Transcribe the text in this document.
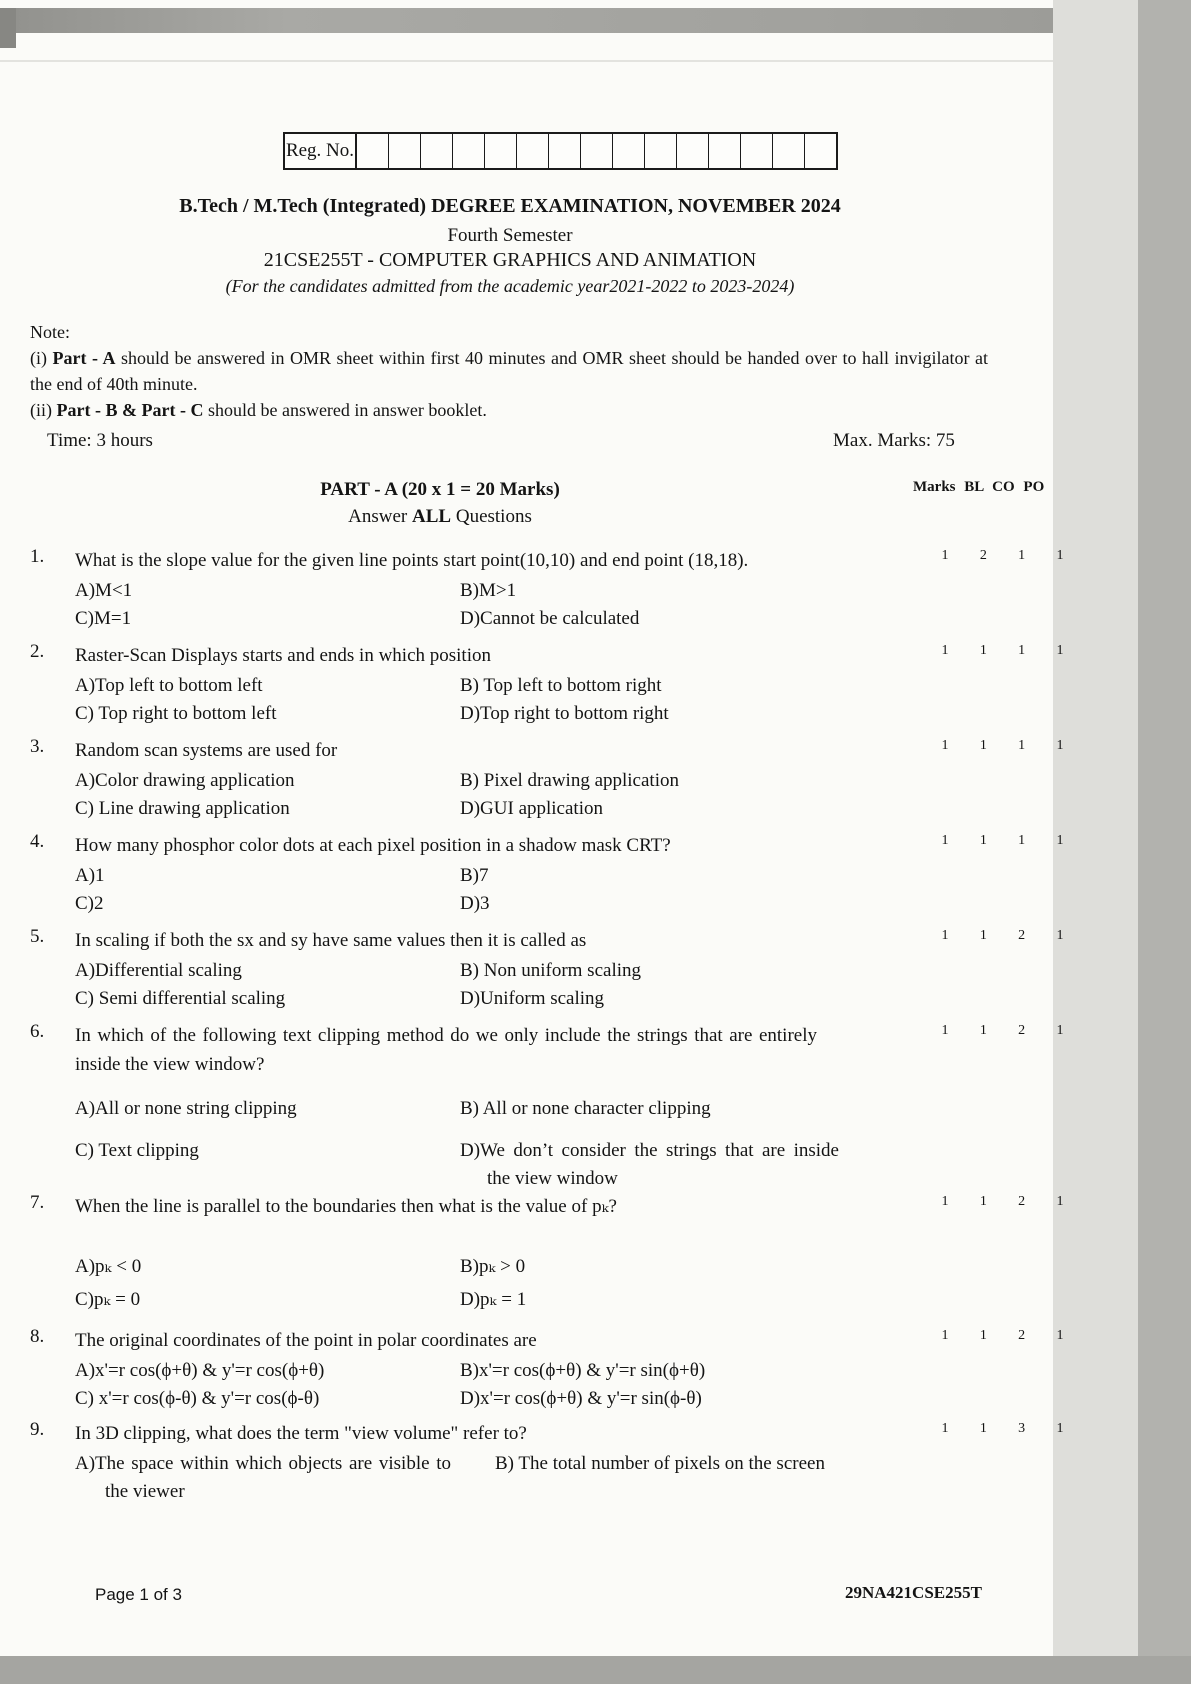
Reg. No.
B.Tech / M.Tech (Integrated) DEGREE EXAMINATION, NOVEMBER 2024
Fourth Semester
21CSE255T - COMPUTER GRAPHICS AND ANIMATION
(For the candidates admitted from the academic year2021-2022 to 2023-2024)

Note:

(i) Part - A should be answered in OMR sheet within first 40 minutes and OMR sheet should be handed over to hall invigilator at the end of 40th minute.

(ii) Part - B & Part - C should be answered in answer booklet.

Time: 3 hours	Max. Marks: 75
PART - A (20 x 1 = 20 Marks)
Answer ALL Questions
Marks BL CO PO
1.	What is the slope value for the given line points start point(10,10) and end point (18,18).
A)M<1	B)M>1
C)M=1	D)Cannot be calculated
1	2	1	1
2.	Raster-Scan Displays starts and ends in which position
A)Top left to bottom left	B) Top left to bottom right
C) Top right to bottom left	D)Top right to bottom right
1	1	1	1
3.	Random scan systems are used for
A)Color drawing application	B) Pixel drawing application
C) Line drawing application	D)GUI application
1	1	1	1
4.	How many phosphor color dots at each pixel position in a shadow mask CRT?
A)1	B)7
C)2	D)3
1	1	1	1
5.	In scaling if both the sx and sy have same values then it is called as
A)Differential scaling	B) Non uniform scaling
C) Semi differential scaling	D)Uniform scaling
1	1	2	1
6.	In which of the following text clipping method do we only include the strings that are entirely inside the view window?
A)All or none string clipping	B) All or none character clipping
C) Text clipping	D)We don’t consider the strings that are inside the view window
1	1	2	1
7.	When the line is parallel to the boundaries then what is the value of pₖ?
A)pₖ < 0	B)pₖ > 0
C)pₖ = 0	D)pₖ = 1
1	1	2	1
8.	The original coordinates of the point in polar coordinates are
A)x'=r cos(ϕ+θ) & y'=r cos(ϕ+θ)	B)x'=r cos(ϕ+θ) & y'=r sin(ϕ+θ)
C) x'=r cos(ϕ-θ) & y'=r cos(ϕ-θ)	D)x'=r cos(ϕ+θ) & y'=r sin(ϕ-θ)
1	1	2	1
9.	In 3D clipping, what does the term "view volume" refer to?
A)The space within which objects are visible to the viewer
B) The total number of pixels on the screen
1	1	3	1
Page 1 of 3	29NA421CSE255T
